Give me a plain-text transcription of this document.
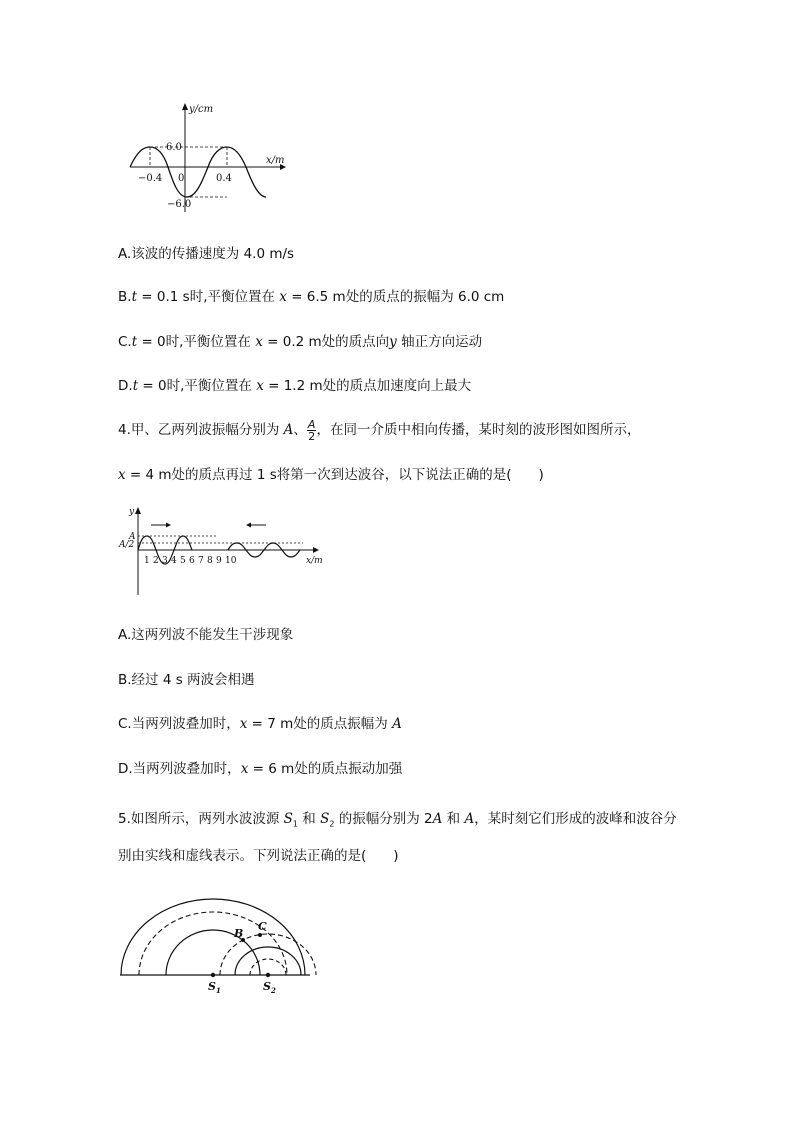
y/cm
x/m
6.0
−6.0
−0.4 0	0.4
A.该波的传播速度为 4.0 m/s
B.t = 0.1 s时,平衡位置在 x = 6.5 m处的质点的振幅为 6.0 cm
C.t = 0时,平衡位置在 x = 0.2 m处的质点向y 轴正方向运动
D.t = 0时,平衡位置在 x = 1.2 m处的质点加速度向上最大
4.甲、乙两列波振幅分别为 A、 $\frac{A}{2}$ ，在同一介质中相向传播，某时刻的波形图如图所示，
x = 4 m处的质点再过 1 s将第一次到达波谷，以下说法正确的是(　　)
y
A
A/2
x/m
1 2 3 4 5 6 7 8 9 10
A.这两列波不能发生干涉现象
B.经过 4 s 两波会相遇
C.当两列波叠加时，x = 7 m处的质点振幅为 A
D.当两列波叠加时，x = 6 m处的质点振动加强
5.如图所示，两列水波波源 $S_1$ 和 $S_2$ 的振幅分别为 2A 和 A，某时刻它们形成的波峰和波谷分
别由实线和虚线表示。下列说法正确的是(　　)
B
C
$S_1$	$S_2$
